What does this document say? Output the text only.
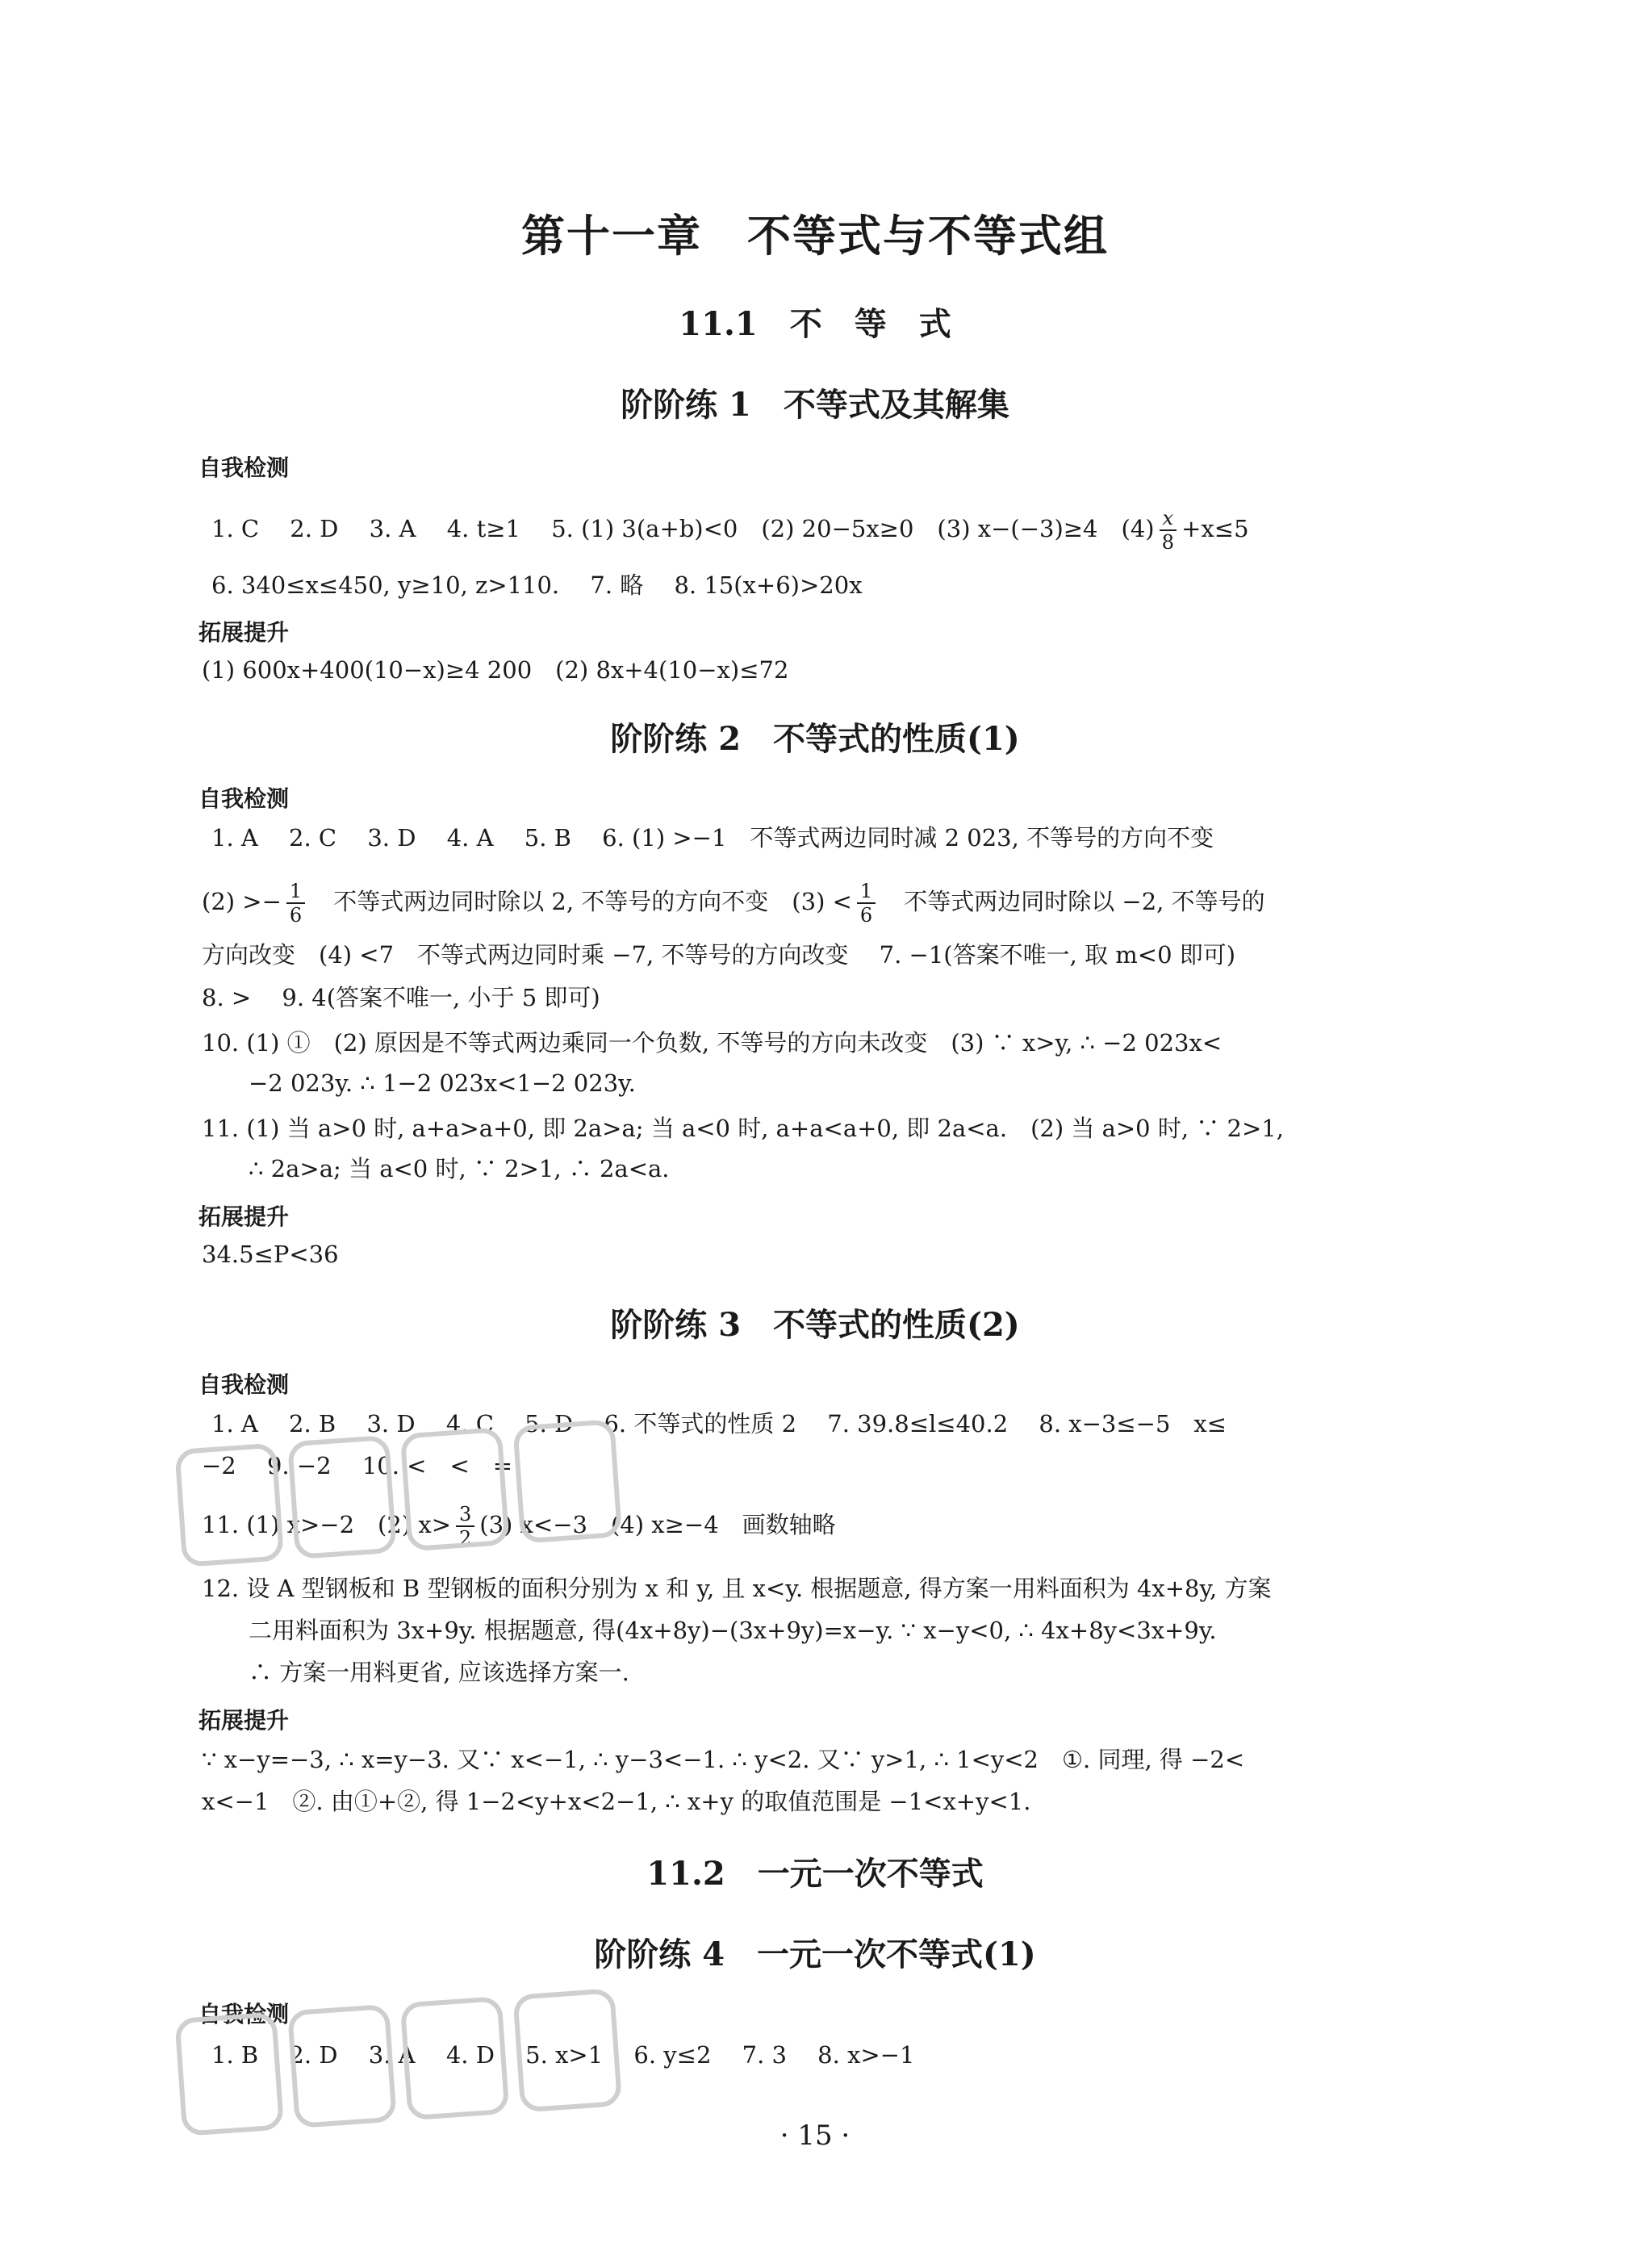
第十一章　不等式与不等式组
11.1　不　等　式
阶阶练 1　不等式及其解集
自我检测
1. C　 2. D　 3. A　 4. t≥1　 5. (1) 3(a+b)<0　(2) 20−5x≥0　(3) x−(−3)≥4　$(4) \frac{x}{8} +x\le 5$
6. 340≤x≤450, y≥10, z>110.　 7. 略　 8. 15(x+6)>20x
拓展提升
(1) 600x+400(10−x)≥4 200　(2) 8x+4(10−x)≤72
阶阶练 2　不等式的性质(1)
自我检测
1. A　 2. C　 3. D　 4. A　 5. B　 6. (1) >−1　不等式两边同时减 2 023, 不等号的方向不变
$(2) >- \frac{1}{6}$
　 不等式两边同时除以 2, 不等号的方向不变　$(3) < \frac{1}{6}$
　 不等式两边同时除以 −2, 不等号的
方向改变　(4) <7　不等式两边同时乘 −7, 不等号的方向改变　 7. −1(答案不唯一, 取 m<0 即可)
8. >　 9. 4(答案不唯一, 小于 5 即可)
10. (1) ①　(2) 原因是不等式两边乘同一个负数, 不等号的方向未改变　(3) ∵ x>y, ∴ −2 023x<
−2 023y. ∴ 1−2 023x<1−2 023y.
11. (1) 当 a>0 时, a+a>a+0, 即 2a>a; 当 a<0 时, a+a<a+0, 即 2a<a.　(2) 当 a>0 时, ∵ 2>1,
∴ 2a>a; 当 a<0 时, ∵ 2>1, ∴ 2a<a.
拓展提升
34.5≤P<36
阶阶练 3　不等式的性质(2)
自我检测
1. A　 2. B　 3. D　 4. C　 5. D　 6. 不等式的性质 2　 7. 39.8≤l≤40.2　 8. x−3≤−5　x≤
−2　 9. −2　 10. <　<　=
11. (1) x>−2　(2) $x> \frac{3}{2} (3)$ x<−3　(4) x≥−4　画数轴略
12. 设 A 型钢板和 B 型钢板的面积分别为 x 和 y, 且 x<y. 根据题意, 得方案一用料面积为 4x+8y, 方案
二用料面积为 3x+9y. 根据题意, 得(4x+8y)−(3x+9y)=x−y. ∵ x−y<0, ∴ 4x+8y<3x+9y.
∴ 方案一用料更省, 应该选择方案一.
拓展提升
∵ x−y=−3, ∴ x=y−3. 又∵ x<−1, ∴ y−3<−1. ∴ y<2. 又∵ y>1, ∴ 1<y<2　①. 同理, 得 −2<
x<−1　②. 由①+②, 得 1−2<y+x<2−1, ∴ x+y 的取值范围是 −1<x+y<1.
11.2　一元一次不等式
阶阶练 4　一元一次不等式(1)
自我检测
1. B　 2. D　 3. A　 4. D　 5. x>1　 6. y≤2　 7. 3　 8. x>−1
· 15 ·
